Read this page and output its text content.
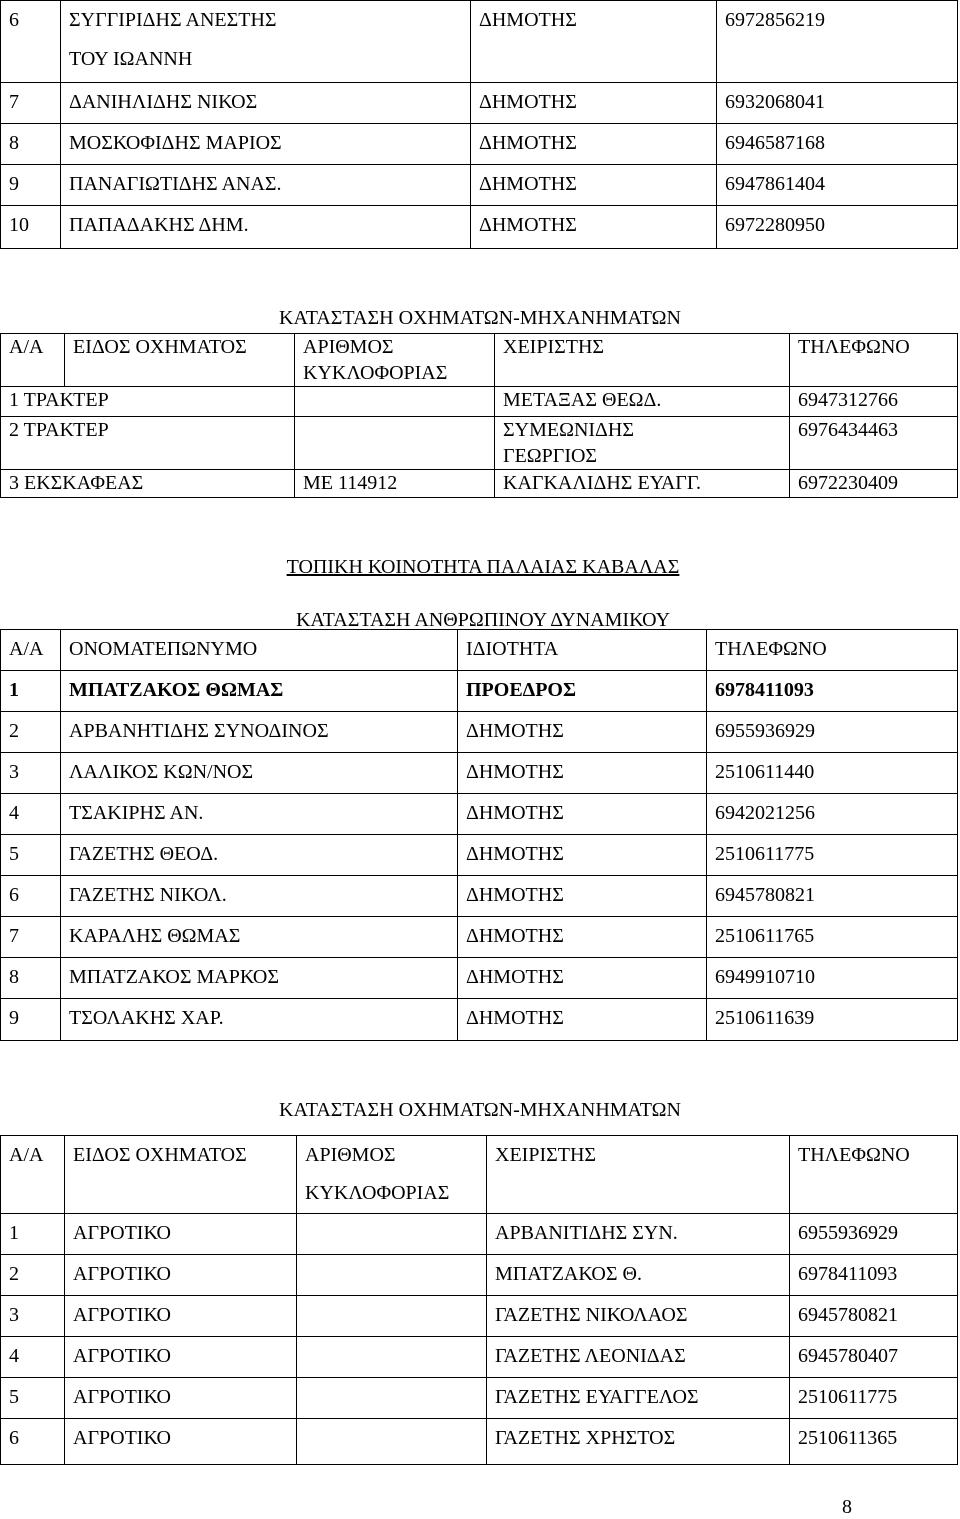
6	ΣΥΓΓΙΡΙΔΗΣ ΑΝΕΣΤΗΣ
ΤΟΥ ΙΩΑΝΝΗ	ΔΗΜΟΤΗΣ	6972856219
7	ΔΑΝΙΗΛΙΔΗΣ ΝΙΚΟΣ	ΔΗΜΟΤΗΣ	6932068041
8	ΜΟΣΚΟΦΙΔΗΣ ΜΑΡΙΟΣ	ΔΗΜΟΤΗΣ	6946587168
9	ΠΑΝΑΓΙΩΤΙΔΗΣ ΑΝΑΣ.	ΔΗΜΟΤΗΣ	6947861404
10	ΠΑΠΑΔΑΚΗΣ ΔΗΜ.	ΔΗΜΟΤΗΣ	6972280950
ΚΑΤΑΣΤΑΣΗ ΟΧΗΜΑΤΩΝ-ΜΗΧΑΝΗΜΑΤΩΝ
Α/Α	ΕΙΔΟΣ ΟΧΗΜΑΤΟΣ	ΑΡΙΘΜΟΣ
ΚΥΚΛΟΦΟΡΙΑΣ	ΧΕΙΡΙΣΤΗΣ	ΤΗΛΕΦΩΝΟ
1 ΤΡΑΚΤΕΡ			ΜΕΤΑΞΑΣ ΘΕΩΔ.	6947312766
2 ΤΡΑΚΤΕΡ			ΣΥΜΕΩΝΙΔΗΣ
ΓΕΩΡΓΙΟΣ	6976434463
3 ΕΚΣΚΑΦΕΑΣ		ΜΕ 114912	ΚΑΓΚΑΛΙΔΗΣ ΕΥΑΓΓ.	6972230409
ΤΟΠΙΚΗ ΚΟΙΝΟΤΗΤΑ ΠΑΛΑΙΑΣ ΚΑΒΑΛΑΣ
ΚΑΤΑΣΤΑΣΗ ΑΝΘΡΩΠΙΝΟΥ ΔΥΝΑΜΙΚΟΥ
Α/Α	ΟΝΟΜΑΤΕΠΩΝΥΜΟ	ΙΔΙΟΤΗΤΑ	ΤΗΛΕΦΩΝΟ
1	ΜΠΑΤΖΑΚΟΣ ΘΩΜΑΣ	ΠΡΟΕΔΡΟΣ	6978411093
2	ΑΡΒΑΝΗΤΙΔΗΣ ΣΥΝΟΔΙΝΟΣ	ΔΗΜΟΤΗΣ	6955936929
3	ΛΑΛΙΚΟΣ ΚΩΝ/ΝΟΣ	ΔΗΜΟΤΗΣ	2510611440
4	ΤΣΑΚΙΡΗΣ ΑΝ.	ΔΗΜΟΤΗΣ	6942021256
5	ΓΑΖΕΤΗΣ ΘΕΟΔ.	ΔΗΜΟΤΗΣ	2510611775
6	ΓΑΖΕΤΗΣ ΝΙΚΟΛ.	ΔΗΜΟΤΗΣ	6945780821
7	ΚΑΡΑΛΗΣ ΘΩΜΑΣ	ΔΗΜΟΤΗΣ	2510611765
8	ΜΠΑΤΖΑΚΟΣ ΜΑΡΚΟΣ	ΔΗΜΟΤΗΣ	6949910710
9	ΤΣΟΛΑΚΗΣ ΧΑΡ.	ΔΗΜΟΤΗΣ	2510611639
ΚΑΤΑΣΤΑΣΗ ΟΧΗΜΑΤΩΝ-ΜΗΧΑΝΗΜΑΤΩΝ
Α/Α	ΕΙΔΟΣ ΟΧΗΜΑΤΟΣ	ΑΡΙΘΜΟΣ
ΚΥΚΛΟΦΟΡΙΑΣ	ΧΕΙΡΙΣΤΗΣ	ΤΗΛΕΦΩΝΟ
1	ΑΓΡΟΤΙΚΟ		ΑΡΒΑΝΙΤΙΔΗΣ ΣΥΝ.	6955936929
2	ΑΓΡΟΤΙΚΟ		ΜΠΑΤΖΑΚΟΣ Θ.	6978411093
3	ΑΓΡΟΤΙΚΟ		ΓΑΖΕΤΗΣ ΝΙΚΟΛΑΟΣ	6945780821
4	ΑΓΡΟΤΙΚΟ		ΓΑΖΕΤΗΣ ΛΕΟΝΙΔΑΣ	6945780407
5	ΑΓΡΟΤΙΚΟ		ΓΑΖΕΤΗΣ ΕΥΑΓΓΕΛΟΣ	2510611775
6	ΑΓΡΟΤΙΚΟ		ΓΑΖΕΤΗΣ ΧΡΗΣΤΟΣ	2510611365
8
